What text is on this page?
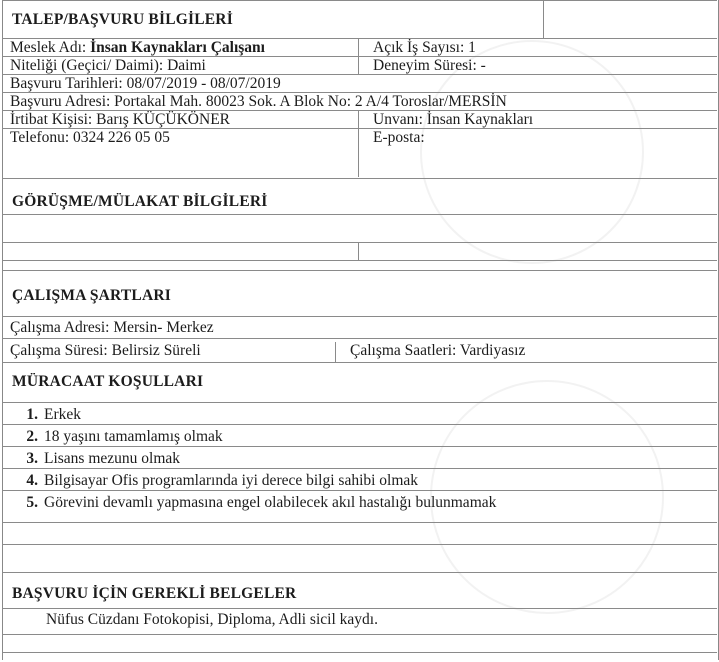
TALEP/BAŞVURU BİLGİLERİ
Meslek Adı: İnsan Kaynakları Çalışanı	Açık İş Sayısı: 1
Niteliği (Geçici/ Daimi): Daimi	Deneyim Süresi: -
Başvuru Tarihleri: 08/07/2019 - 08/07/2019
Başvuru Adresi: Portakal Mah. 80023 Sok. A Blok No: 2 A/4 Toroslar/MERSİN
İrtibat Kişisi: Barış KÜÇÜKÖNER	Unvanı: İnsan Kaynakları
Telefonu: 0324 226 05 05	E-posta:
GÖRÜŞME/MÜLAKAT BİLGİLERİ
ÇALIŞMA ŞARTLARI
Çalışma Adresi: Mersin- Merkez
Çalışma Süresi: Belirsiz Süreli	Çalışma Saatleri: Vardiyasız
MÜRACAAT KOŞULLARI
1. Erkek
2. 18 yaşını tamamlamış olmak
3. Lisans mezunu olmak
4. Bilgisayar Ofis programlarında iyi derece bilgi sahibi olmak
5. Görevini devamlı yapmasına engel olabilecek akıl hastalığı bulunmamak
BAŞVURU İÇİN GEREKLİ BELGELER
Nüfus Cüzdanı Fotokopisi, Diploma, Adli sicil kaydı.
